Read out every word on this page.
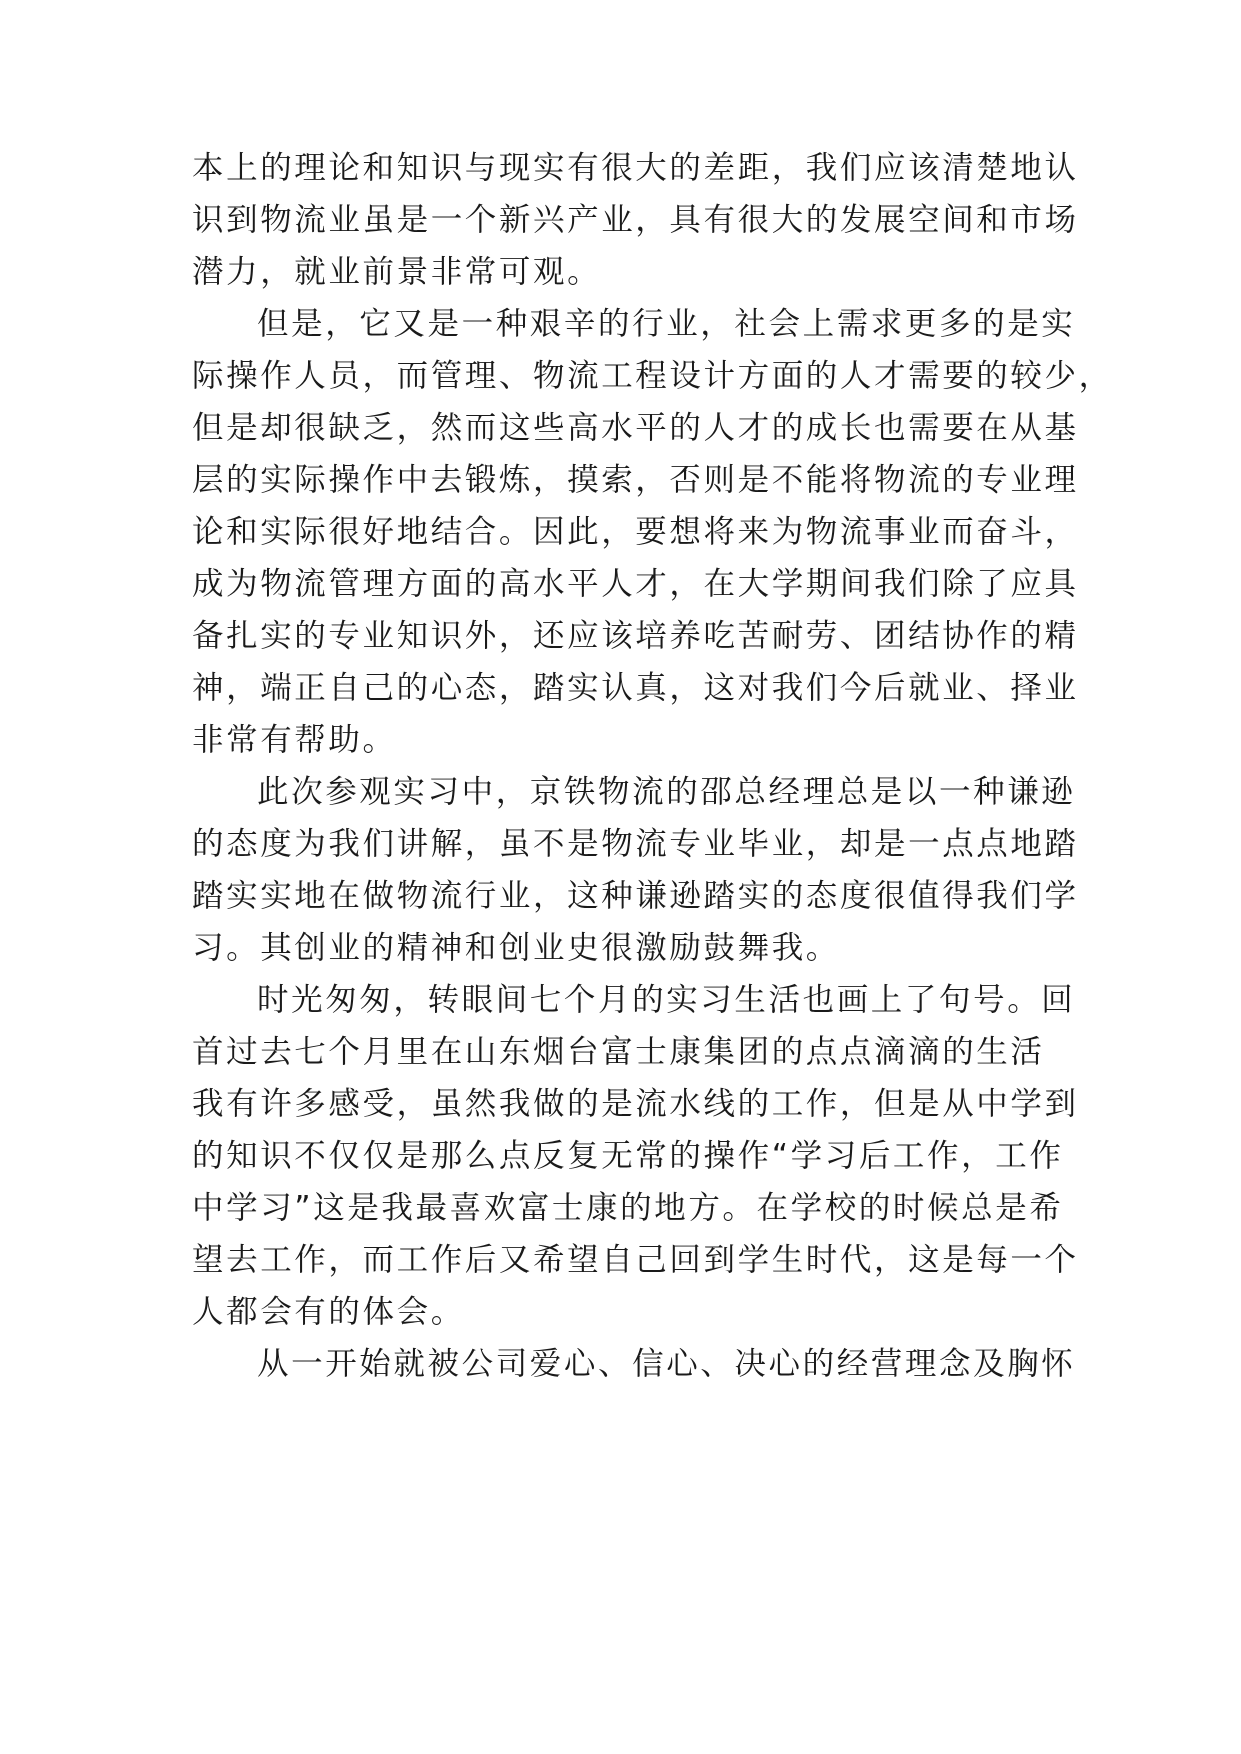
本上的理论和知识与现实有很大的差距，我们应该清楚地认
识到物流业虽是一个新兴产业，具有很大的发展空间和市场
潜力，就业前景非常可观。
但是，它又是一种艰辛的行业，社会上需求更多的是实
际操作人员，而管理、物流工程设计方面的人才需要的较少，
但是却很缺乏，然而这些高水平的人才的成长也需要在从基
层的实际操作中去锻炼，摸索，否则是不能将物流的专业理
论和实际很好地结合。因此，要想将来为物流事业而奋斗，
成为物流管理方面的高水平人才，在大学期间我们除了应具
备扎实的专业知识外，还应该培养吃苦耐劳、团结协作的精
神，端正自己的心态，踏实认真，这对我们今后就业、择业
非常有帮助。
此次参观实习中，京铁物流的邵总经理总是以一种谦逊
的态度为我们讲解，虽不是物流专业毕业，却是一点点地踏
踏实实地在做物流行业，这种谦逊踏实的态度很值得我们学
习。其创业的精神和创业史很激励鼓舞我。
时光匆匆，转眼间七个月的实习生活也画上了句号。回
首过去七个月里在山东烟台富士康集团的点点滴滴的生活
我有许多感受，虽然我做的是流水线的工作，但是从中学到
的知识不仅仅是那么点反复无常的操作“学习后工作，工作
中学习”这是我最喜欢富士康的地方。在学校的时候总是希
望去工作，而工作后又希望自己回到学生时代，这是每一个
人都会有的体会。
从一开始就被公司爱心、信心、决心的经营理念及胸怀
